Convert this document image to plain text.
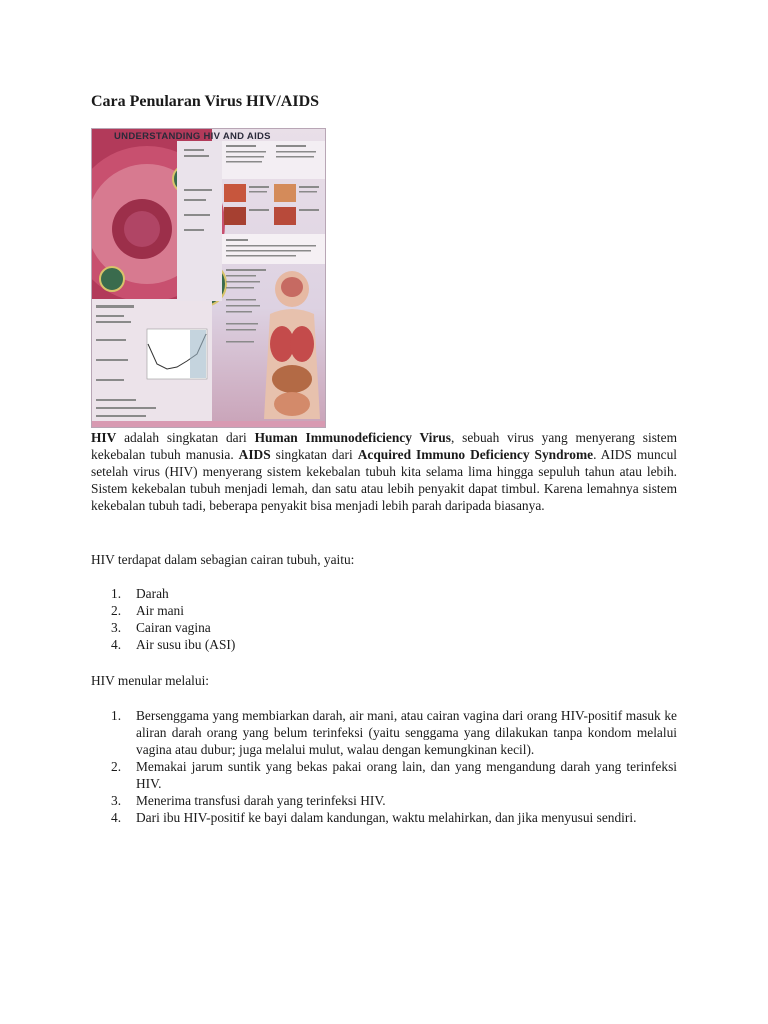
Cara Penularan Virus HIV/AIDS
UNDERSTANDING HIV AND AIDS

HIV adalah singkatan dari Human Immunodeficiency Virus, sebuah virus yang menyerang sistem kekebalan tubuh manusia. AIDS singkatan dari Acquired Immuno Deficiency Syndrome. AIDS muncul setelah virus (HIV) menyerang sistem kekebalan tubuh kita selama lima hingga sepuluh tahun atau lebih. Sistem kekebalan tubuh menjadi lemah, dan satu atau lebih penyakit dapat timbul. Karena lemahnya sistem kekebalan tubuh tadi, beberapa penyakit bisa menjadi lebih parah daripada biasanya.

HIV terdapat dalam sebagian cairan tubuh, yaitu:

1. Darah
2. Air mani
3. Cairan vagina
4. Air susu ibu (ASI)

HIV menular melalui:

1. Bersenggama yang membiarkan darah, air mani, atau cairan vagina dari orang HIV-positif masuk ke aliran darah orang yang belum terinfeksi (yaitu senggama yang dilakukan tanpa kondom melalui vagina atau dubur; juga melalui mulut, walau dengan kemungkinan kecil).
2. Memakai jarum suntik yang bekas pakai orang lain, dan yang mengandung darah yang terinfeksi HIV.
3. Menerima transfusi darah yang terinfeksi HIV.
4. Dari ibu HIV-positif ke bayi dalam kandungan, waktu melahirkan, dan jika menyusui sendiri.
